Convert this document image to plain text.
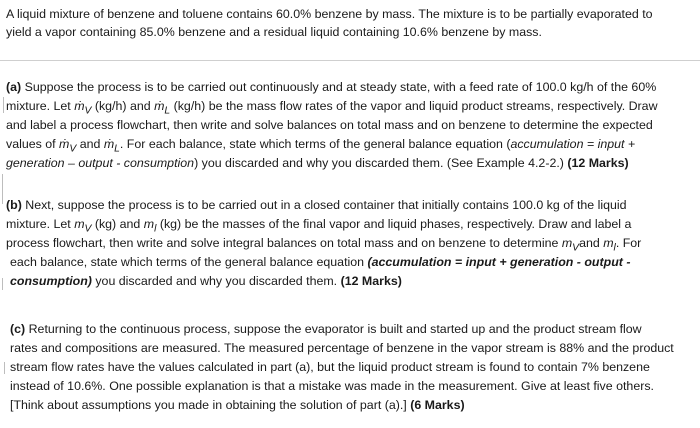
A liquid mixture of benzene and toluene contains 60.0% benzene by mass. The mixture is to be partially evaporated to
yield a vapor containing 85.0% benzene and a residual liquid containing 10.6% benzene by mass.
(a) Suppose the process is to be carried out continuously and at steady state, with a feed rate of 100.0 kg/h of the 60%
mixture. Let ṁ$_V$ (kg/h) and ṁ$_L$ (kg/h) be the mass flow rates of the vapor and liquid product streams, respectively. Draw
and label a process flowchart, then write and solve balances on total mass and on benzene to determine the expected
values of ṁ$_V$ and ṁ$_L$. For each balance, state which terms of the general balance equation (accumulation = input +
generation – output - consumption) you discarded and why you discarded them. (See Example 4.2-2.) (12 Marks)
(b) Next, suppose the process is to be carried out in a closed container that initially contains 100.0 kg of the liquid
mixture. Let $m_V$ (kg) and $m_l$ (kg) be the masses of the final vapor and liquid phases, respectively. Draw and label a
process flowchart, then write and solve integral balances on total mass and on benzene to determine $m_Vand$ $m_l$. For
each balance, state which terms of the general balance equation (accumulation = input + generation - output -
consumption) you discarded and why you discarded them. (12 Marks)
(c) Returning to the continuous process, suppose the evaporator is built and started up and the product stream flow
rates and compositions are measured. The measured percentage of benzene in the vapor stream is 88% and the product
stream flow rates have the values calculated in part (a), but the liquid product stream is found to contain 7% benzene
instead of 10.6%. One possible explanation is that a mistake was made in the measurement. Give at least five others.
[Think about assumptions you made in obtaining the solution of part (a).] (6 Marks)
